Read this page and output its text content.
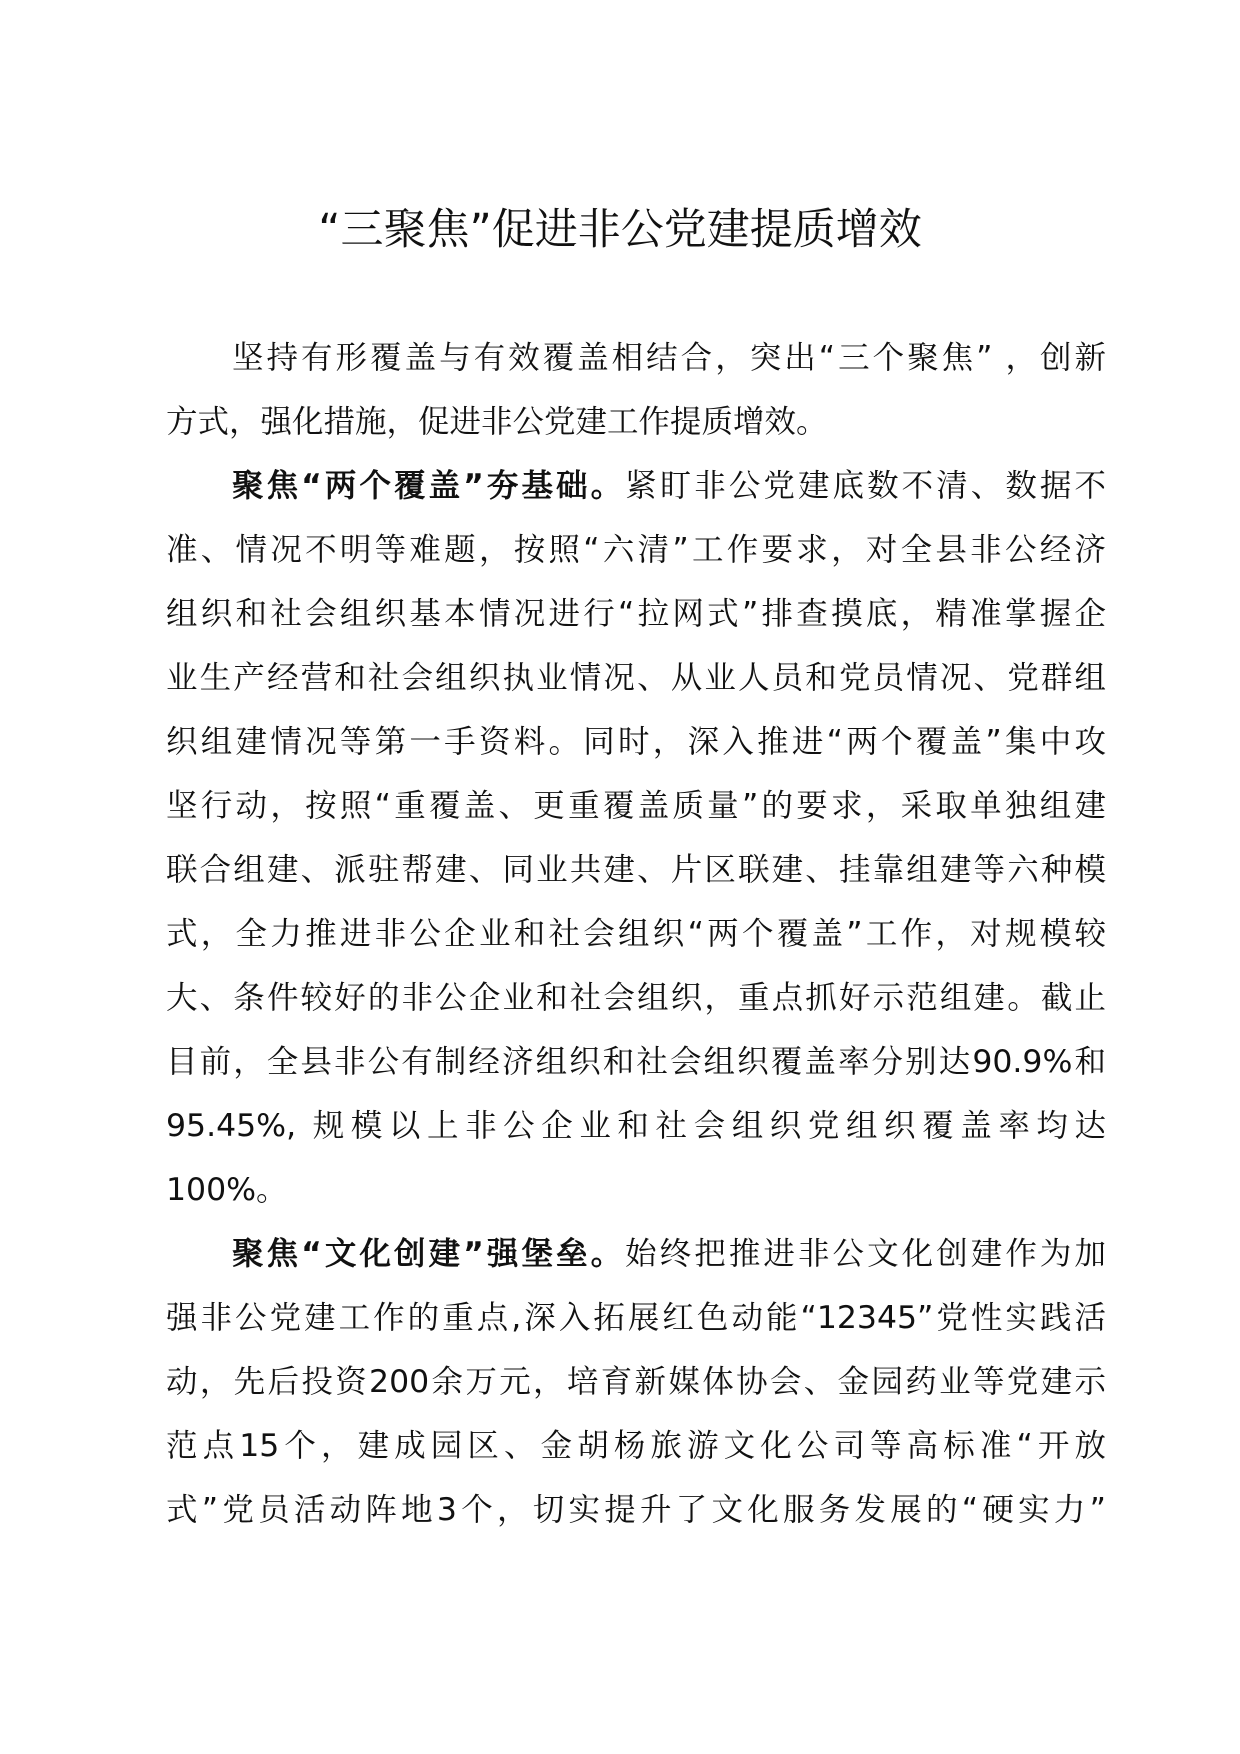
“三聚焦”促进非公党建提质增效
坚持有形覆盖与有效覆盖相结合，突出“三个聚焦” ，创新
方式，强化措施，促进非公党建工作提质增效。
聚焦“两个覆盖”夯基础。紧盯非公党建底数不清、数据不
准、情况不明等难题，按照“六清”工作要求，对全县非公经济
组织和社会组织基本情况进行“拉网式”排查摸底，精准掌握企
业生产经营和社会组织执业情况、从业人员和党员情况、党群组
织组建情况等第一手资料。同时，深入推进“两个覆盖”集中攻
坚行动，按照“重覆盖、更重覆盖质量”的要求，采取单独组建
联合组建、派驻帮建、同业共建、片区联建、挂靠组建等六种模
式，全力推进非公企业和社会组织“两个覆盖”工作，对规模较
大、条件较好的非公企业和社会组织，重点抓好示范组建。截止
目前，全县非公有制经济组织和社会组织覆盖率分别达90.9%和
95.45%, 规模以上非公企业和社会组织党组织覆盖率均达
100%。
聚焦“文化创建”强堡垒。始终把推进非公文化创建作为加
强非公党建工作的重点,深入拓展红色动能“12345”党性实践活
动，先后投资200余万元，培育新媒体协会、金园药业等党建示
范点15个，建成园区、金胡杨旅游文化公司等高标准“开放
式”党员活动阵地3个，切实提升了文化服务发展的“硬实力”
